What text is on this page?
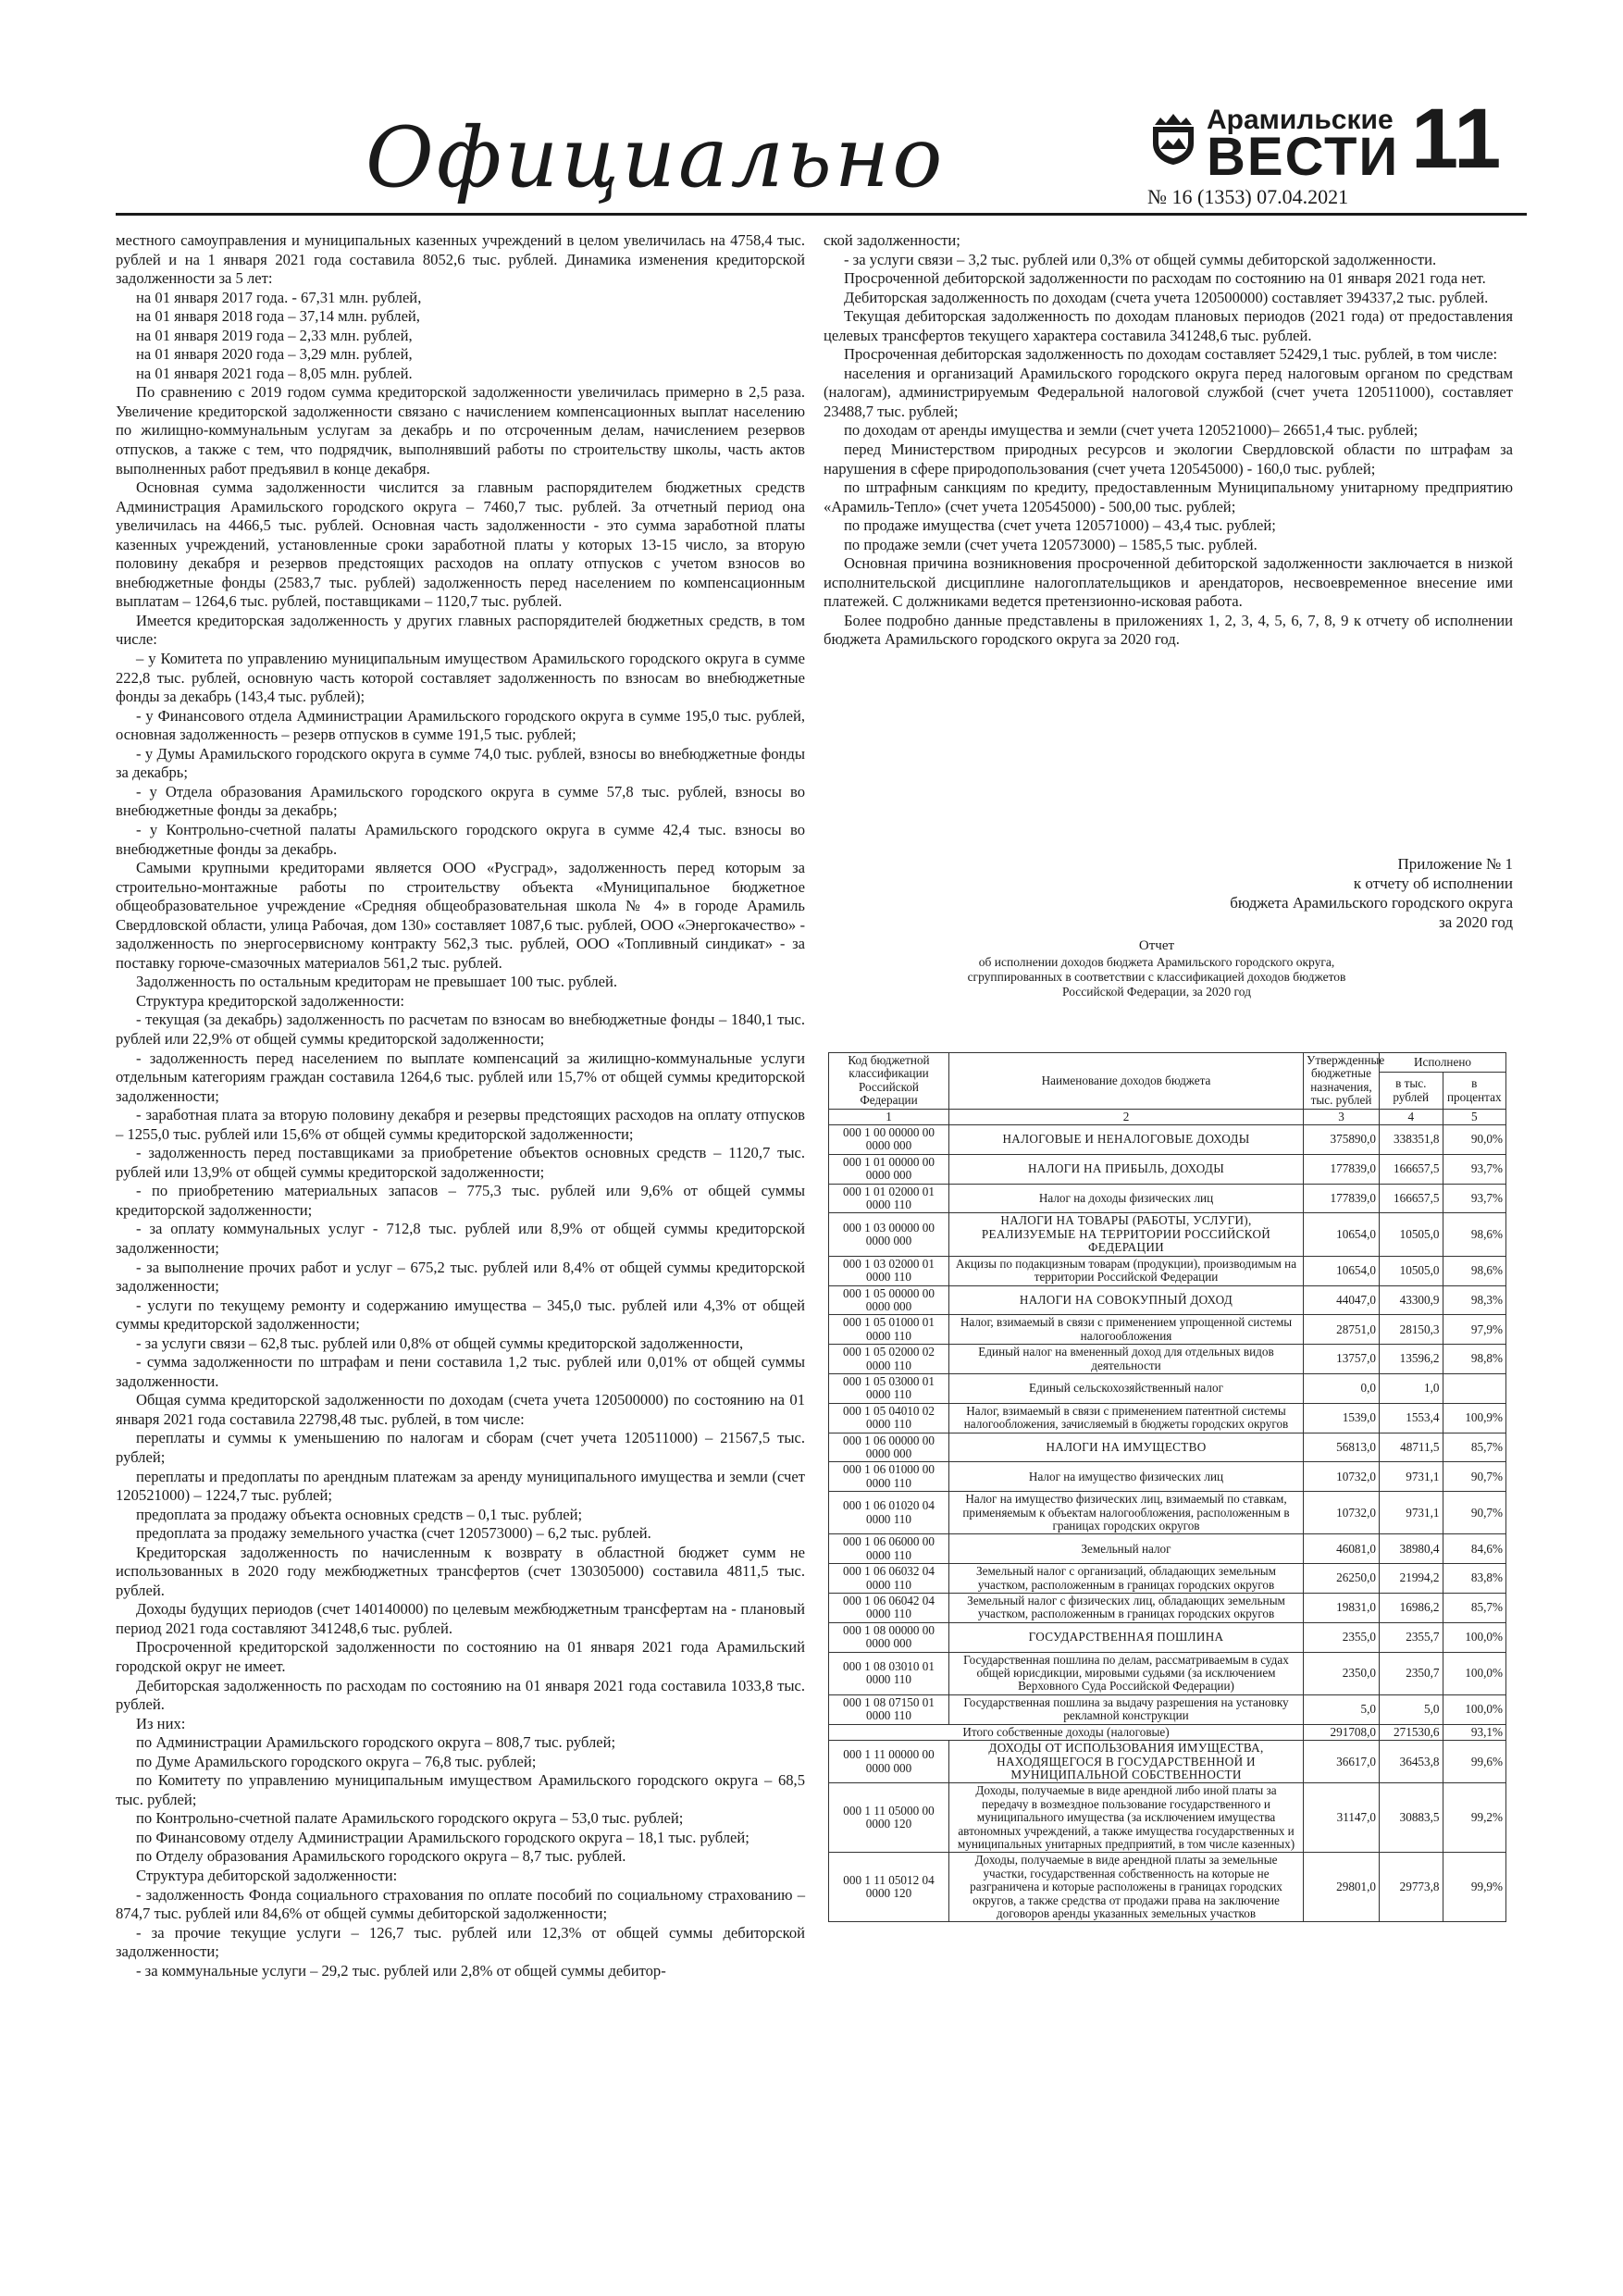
Официально	Арамильские
ВЕСТИ 11
№ 16 (1353) 07.04.2021

местного самоуправления и муниципальных казенных учреждений в целом увеличилась на 4758,4 тыс. рублей и на 1 января 2021 года составила 8052,6 тыс. рублей. Динамика изменения кредиторской задолженности за 5 лет:

на 01 января 2017 года. - 67,31 млн. рублей,

на 01 января 2018 года – 37,14 млн. рублей,

на 01 января 2019 года – 2,33 млн. рублей,

на 01 января 2020 года – 3,29 млн. рублей,

на 01 января 2021 года – 8,05 млн. рублей.

По сравнению с 2019 годом сумма кредиторской задолженности увеличилась примерно в 2,5 раза. Увеличение кредиторской задолженности связано с начислением компенсационных выплат населению по жилищно-коммунальным услугам за декабрь и по отсроченным делам, начислением резервов отпусков, а также с тем, что подрядчик, выполнявший работы по строительству школы, часть актов выполненных работ предъявил в конце декабря.

Основная сумма задолженности числится за главным распорядителем бюджетных средств Администрация Арамильского городского округа – 7460,7 тыс. рублей. За отчетный период она увеличилась на 4466,5 тыс. рублей. Основная часть задолженности - это сумма заработной платы казенных учреждений, установленные сроки заработной платы у которых 13-15 число, за вторую половину декабря и резервов предстоящих расходов на оплату отпусков с учетом взносов во внебюджетные фонды (2583,7 тыс. рублей) задолженность перед населением по компенсационным выплатам – 1264,6 тыс. рублей, поставщиками – 1120,7 тыс. рублей.

Имеется кредиторская задолженность у других главных распорядителей бюджетных средств, в том числе:

– у Комитета по управлению муниципальным имуществом Арамильского городского округа в сумме 222,8 тыс. рублей, основную часть которой составляет задолженность по взносам во внебюджетные фонды за декабрь (143,4 тыс. рублей);

- у Финансового отдела Администрации Арамильского городского округа в сумме 195,0 тыс. рублей, основная задолженность – резерв отпусков в сумме 191,5 тыс. рублей;

- у Думы Арамильского городского округа в сумме 74,0 тыс. рублей, взносы во внебюджетные фонды за декабрь;

- у Отдела образования Арамильского городского округа в сумме 57,8 тыс. рублей, взносы во внебюджетные фонды за декабрь;

- у Контрольно-счетной палаты Арамильского городского округа в сумме 42,4 тыс. взносы во внебюджетные фонды за декабрь.

Самыми крупными кредиторами является ООО «Русград», задолженность перед которым за строительно-монтажные работы по строительству объекта «Муниципальное бюджетное общеобразовательное учреждение «Средняя общеобразовательная школа № 4» в городе Арамиль Свердловской области, улица Рабочая, дом 130» составляет 1087,6 тыс. рублей, ООО «Энергокачество» - задолженность по энергосервисному контракту 562,3 тыс. рублей, ООО «Топливный синдикат» - за поставку горюче-смазочных материалов 561,2 тыс. рублей.

Задолженность по остальным кредиторам не превышает 100 тыс. рублей.

Структура кредиторской задолженности:

- текущая (за декабрь) задолженность по расчетам по взносам во внебюджетные фонды – 1840,1 тыс. рублей или 22,9% от общей суммы кредиторской задолженности;

- задолженность перед населением по выплате компенсаций за жилищно-коммунальные услуги отдельным категориям граждан составила 1264,6 тыс. рублей или 15,7% от общей суммы кредиторской задолженности;

- заработная плата за вторую половину декабря и резервы предстоящих расходов на оплату отпусков – 1255,0 тыс. рублей или 15,6% от общей суммы кредиторской задолженности;

- задолженность перед поставщиками за приобретение объектов основных средств – 1120,7 тыс. рублей или 13,9% от общей суммы кредиторской задолженности;

- по приобретению материальных запасов – 775,3 тыс. рублей или 9,6% от общей суммы кредиторской задолженности;

- за оплату коммунальных услуг - 712,8 тыс. рублей или 8,9% от общей суммы кредиторской задолженности;

- за выполнение прочих работ и услуг – 675,2 тыс. рублей или 8,4% от общей суммы кредиторской задолженности;

- услуги по текущему ремонту и содержанию имущества – 345,0 тыс. рублей или 4,3% от общей суммы кредиторской задолженности;

- за услуги связи – 62,8 тыс. рублей или 0,8% от общей суммы кредиторской задолженности,

- сумма задолженности по штрафам и пени составила 1,2 тыс. рублей или 0,01% от общей суммы задолженности.

Общая сумма кредиторской задолженности по доходам (счета учета 120500000) по состоянию на 01 января 2021 года составила 22798,48 тыс. рублей, в том числе:

переплаты и суммы к уменьшению по налогам и сборам (счет учета 120511000) – 21567,5 тыс. рублей;

переплаты и предоплаты по арендным платежам за аренду муниципального имущества и земли (счет 120521000) – 1224,7 тыс. рублей;

предоплата за продажу объекта основных средств – 0,1 тыс. рублей;

предоплата за продажу земельного участка (счет 120573000) – 6,2 тыс. рублей.

Кредиторская задолженность по начисленным к возврату в областной бюджет сумм не использованных в 2020 году межбюджетных трансфертов (счет 130305000) составила 4811,5 тыс. рублей.

Доходы будущих периодов (счет 140140000) по целевым межбюджетным трансфертам на - плановый период 2021 года составляют 341248,6 тыс. рублей.

Просроченной кредиторской задолженности по состоянию на 01 января 2021 года Арамильский городской округ не имеет.

Дебиторская задолженность по расходам по состоянию на 01 января 2021 года составила 1033,8 тыс. рублей.

Из них:

по Администрации Арамильского городского округа – 808,7 тыс. рублей;

по Думе Арамильского городского округа – 76,8 тыс. рублей;

по Комитету по управлению муниципальным имуществом Арамильского городского округа – 68,5 тыс. рублей;

по Контрольно-счетной палате Арамильского городского округа – 53,0 тыс. рублей;

по Финансовому отделу Администрации Арамильского городского округа – 18,1 тыс. рублей;

по Отделу образования Арамильского городского округа – 8,7 тыс. рублей.

Структура дебиторской задолженности:

- задолженность Фонда социального страхования по оплате пособий по социальному страхованию – 874,7 тыс. рублей или 84,6% от общей суммы дебиторской задолженности;

- за прочие текущие услуги – 126,7 тыс. рублей или 12,3% от общей суммы дебиторской задолженности;

- за коммунальные услуги – 29,2 тыс. рублей или 2,8% от общей суммы дебитор-

ской задолженности;

- за услуги связи – 3,2 тыс. рублей или 0,3% от общей суммы дебиторской задолженности.

Просроченной дебиторской задолженности по расходам по состоянию на 01 января 2021 года нет.

Дебиторская задолженность по доходам (счета учета 120500000) составляет 394337,2 тыс. рублей.

Текущая дебиторская задолженность по доходам плановых периодов (2021 года) от предоставления целевых трансфертов текущего характера составила 341248,6 тыс. рублей.

Просроченная дебиторская задолженность по доходам составляет 52429,1 тыс. рублей, в том числе:

населения и организаций Арамильского городского округа перед налоговым органом по средствам (налогам), администрируемым Федеральной налоговой службой (счет учета 120511000), составляет 23488,7 тыс. рублей;

по доходам от аренды имущества и земли (счет учета 120521000)– 26651,4 тыс. рублей;

перед Министерством природных ресурсов и экологии Свердловской области по штрафам за нарушения в сфере природопользования (счет учета 120545000) - 160,0 тыс. рублей;

по штрафным санкциям по кредиту, предоставленным Муниципальному унитарному предприятию «Арамиль-Тепло» (счет учета 120545000) - 500,00 тыс. рублей;

по продаже имущества (счет учета 120571000) – 43,4 тыс. рублей;

по продаже земли (счет учета 120573000) – 1585,5 тыс. рублей.

Основная причина возникновения просроченной дебиторской задолженности заключается в низкой исполнительской дисциплине налогоплательщиков и арендаторов, несвоевременное внесение ими платежей. С должниками ведется претензионно-исковая работа.

Более подробно данные представлены в приложениях 1, 2, 3, 4, 5, 6, 7, 8, 9 к отчету об исполнении бюджета Арамильского городского округа за 2020 год.

Приложение № 1
к отчету об исполнении
бюджета Арамильского городского округа
за 2020 год
Отчет
об исполнении доходов бюджета Арамильского городского округа,
сгруппированных в соответствии с классификацией доходов бюджетов
Российской Федерации, за 2020 год
Код бюджетной классификации Российской Федерации	Наименование доходов бюджета	Утвержденные бюджетные назначения, тыс. рублей	Исполнено	
			в тыс. рублей	в процентах
1	2	3	4	5
000 1 00 00000 00 0000 000	НАЛОГОВЫЕ И НЕНАЛОГОВЫЕ ДОХОДЫ	375890,0	338351,8	90,0%
000 1 01 00000 00 0000 000	НАЛОГИ НА ПРИБЫЛЬ, ДОХОДЫ	177839,0	166657,5	93,7%
000 1 01 02000 01 0000 110	Налог на доходы физических лиц	177839,0	166657,5	93,7%
000 1 03 00000 00 0000 000	НАЛОГИ НА ТОВАРЫ (РАБОТЫ, УСЛУГИ), РЕАЛИЗУЕМЫЕ НА ТЕРРИТОРИИ РОССИЙСКОЙ ФЕДЕРАЦИИ	10654,0	10505,0	98,6%
000 1 03 02000 01 0000 110	Акцизы по подакцизным товарам (продукции), производимым на территории Российской Федерации	10654,0	10505,0	98,6%
000 1 05 00000 00 0000 000	НАЛОГИ НА СОВОКУПНЫЙ ДОХОД	44047,0	43300,9	98,3%
000 1 05 01000 01 0000 110	Налог, взимаемый в связи с применением упрощенной системы налогообложения	28751,0	28150,3	97,9%
000 1 05 02000 02 0000 110	Единый налог на вмененный доход для отдельных видов деятельности	13757,0	13596,2	98,8%
000 1 05 03000 01 0000 110	Единый сельскохозяйственный налог	0,0	1,0	
000 1 05 04010 02 0000 110	Налог, взимаемый в связи с применением патентной системы налогообложения, зачисляемый в бюджеты городских округов	1539,0	1553,4	100,9%
000 1 06 00000 00 0000 000	НАЛОГИ НА ИМУЩЕСТВО	56813,0	48711,5	85,7%
000 1 06 01000 00 0000 110	Налог на имущество физических лиц	10732,0	9731,1	90,7%
000 1 06 01020 04 0000 110	Налог на имущество физических лиц, взимаемый по ставкам, применяемым к объектам налогообложения, расположенным в границах городских округов	10732,0	9731,1	90,7%
000 1 06 06000 00 0000 110	Земельный налог	46081,0	38980,4	84,6%
000 1 06 06032 04 0000 110	Земельный налог с организаций, обладающих земельным участком, расположенным в границах городских округов	26250,0	21994,2	83,8%
000 1 06 06042 04 0000 110	Земельный налог с физических лиц, обладающих земельным участком, расположенным в границах городских округов	19831,0	16986,2	85,7%
000 1 08 00000 00 0000 000	ГОСУДАРСТВЕННАЯ ПОШЛИНА	2355,0	2355,7	100,0%
000 1 08 03010 01 0000 110	Государственная пошлина по делам, рассматриваемым в судах общей юрисдикции, мировыми судьями (за исключением Верховного Суда Российской Федерации)	2350,0	2350,7	100,0%
000 1 08 07150 01 0000 110	Государственная пошлина за выдачу разрешения на установку рекламной конструкции	5,0	5,0	100,0%
Итого собственные доходы (налоговые)		291708,0	271530,6	93,1%
000 1 11 00000 00 0000 000	ДОХОДЫ ОТ ИСПОЛЬЗОВАНИЯ ИМУЩЕСТВА, НАХОДЯЩЕГОСЯ В ГОСУДАРСТВЕННОЙ И МУНИЦИПАЛЬНОЙ СОБСТВЕННОСТИ	36617,0	36453,8	99,6%
000 1 11 05000 00 0000 120	Доходы, получаемые в виде арендной либо иной платы за передачу в возмездное пользование государственного и муниципального имущества (за исключением имущества автономных учреждений, а также имущества государственных и муниципальных унитарных предприятий, в том числе казенных)	31147,0	30883,5	99,2%
000 1 11 05012 04 0000 120	Доходы, получаемые в виде арендной платы за земельные участки, государственная собственность на которые не разграничена и которые расположены в границах городских округов, а также средства от продажи права на заключение договоров аренды указанных земельных участков	29801,0	29773,8	99,9%
